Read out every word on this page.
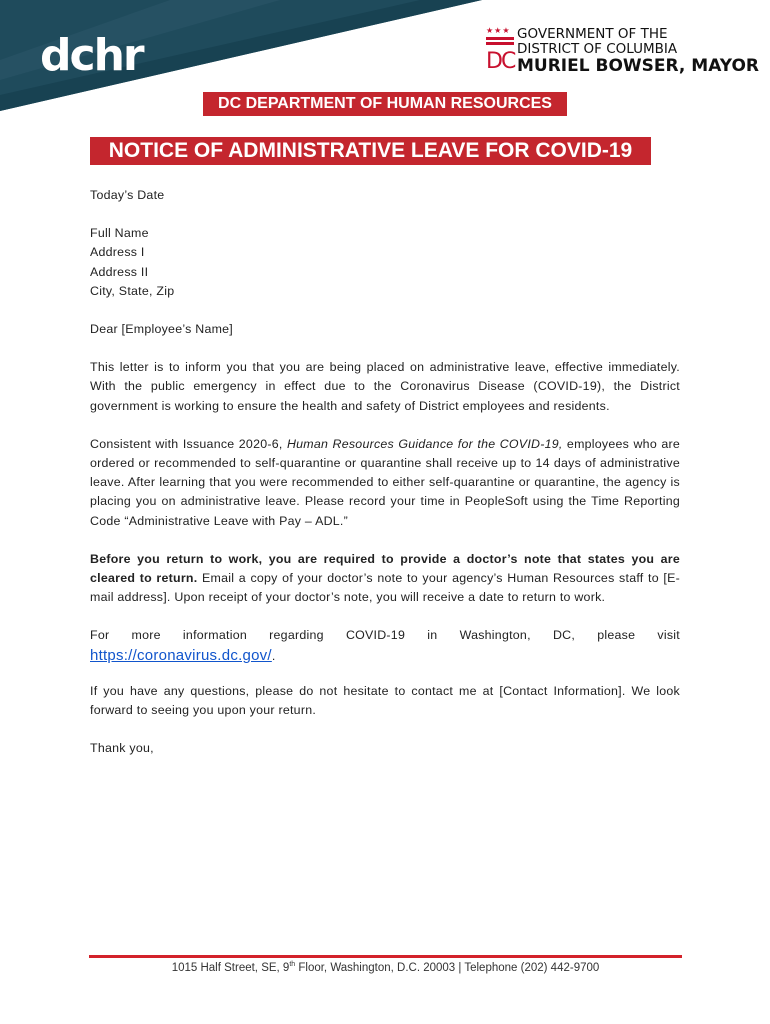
dchr	★★★
DC
GOVERNMENT OF THE
DISTRICT OF COLUMBIA
MURIEL BOWSER, MAYOR
DC DEPARTMENT OF HUMAN RESOURCES
NOTICE OF ADMINISTRATIVE LEAVE FOR COVID-19
Today’s Date
Full Name
Address I
Address II
City, State, Zip
Dear [Employee’s Name]

This letter is to inform you that you are being placed on administrative leave, effective immediately. With the public emergency in effect due to the Coronavirus Disease (COVID-19), the District government is working to ensure the health and safety of District employees and residents.

Consistent with Issuance 2020-6, Human Resources Guidance for the COVID-19, employees who are ordered or recommended to self-quarantine or quarantine shall receive up to 14 days of administrative leave. After learning that you were recommended to either self-quarantine or quarantine, the agency is placing you on administrative leave. Please record your time in PeopleSoft using the Time Reporting Code “Administrative Leave with Pay – ADL.”

Before you return to work, you are required to provide a doctor’s note that states you are cleared to return. Email a copy of your doctor’s note to your agency’s Human Resources staff to [E-mail address]. Upon receipt of your doctor’s note, you will receive a date to return to work.

For more information regarding COVID-19 in Washington, DC, please visit
https://coronavirus.dc.gov/.

If you have any questions, please do not hesitate to contact me at [Contact Information]. We look forward to seeing you upon your return.

Thank you,
1015 Half Street, SE, 9th Floor, Washington, D.C. 20003 | Telephone (202) 442-9700
